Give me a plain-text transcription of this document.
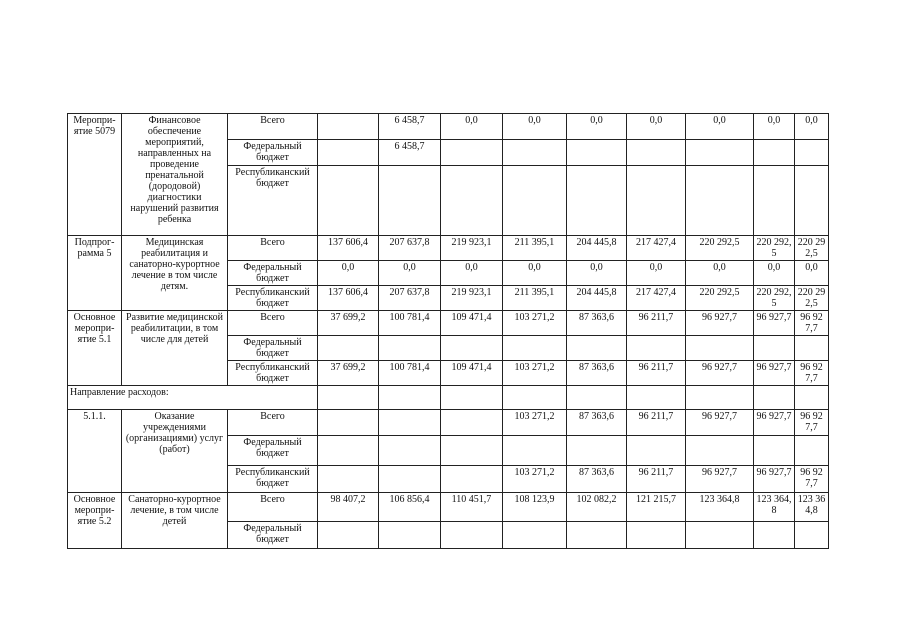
Меропри-ятие 5079	Финансовое обеспечение мероприятий, направленных на проведение пренатальной (дородовой) диагностики нарушений развития ребенка	Всего		6 458,7	0,0	0,0	0,0	0,0	0,0	0,0	0,0
		Федеральный бюджет		6 458,7							
		Республиканский бюджет									
Подпрог-рамма 5	Медицинская реабилитация и санаторно-курортное лечение в том числе детям.	Всего	137 606,4	207 637,8	219 923,1	211 395,1	204 445,8	217 427,4	220 292,5	220 292,5	220 292,5
		Федеральный бюджет	0,0	0,0	0,0	0,0	0,0	0,0	0,0	0,0	0,0
		Республиканский бюджет	137 606,4	207 637,8	219 923,1	211 395,1	204 445,8	217 427,4	220 292,5	220 292,5	220 292,5
Основное меропри-ятие 5.1	Развитие медицинской реабилитации, в том числе для детей	Всего	37 699,2	100 781,4	109 471,4	103 271,2	87 363,6	96 211,7	96 927,7	96 927,7	96 927,7
		Федеральный бюджет									
		Республиканский бюджет	37 699,2	100 781,4	109 471,4	103 271,2	87 363,6	96 211,7	96 927,7	96 927,7	96 927,7
Направление расходов:											
5.1.1.	Оказание учреждениями (организациями) услуг (работ)	Всего				103 271,2	87 363,6	96 211,7	96 927,7	96 927,7	96 927,7
		Федеральный бюджет									
		Республиканский бюджет				103 271,2	87 363,6	96 211,7	96 927,7	96 927,7	96 927,7
Основное меропри-ятие 5.2	Санаторно-курортное лечение, в том числе детей	Всего	98 407,2	106 856,4	110 451,7	108 123,9	102 082,2	121 215,7	123 364,8	123 364,8	123 364,8
		Федеральный бюджет									
